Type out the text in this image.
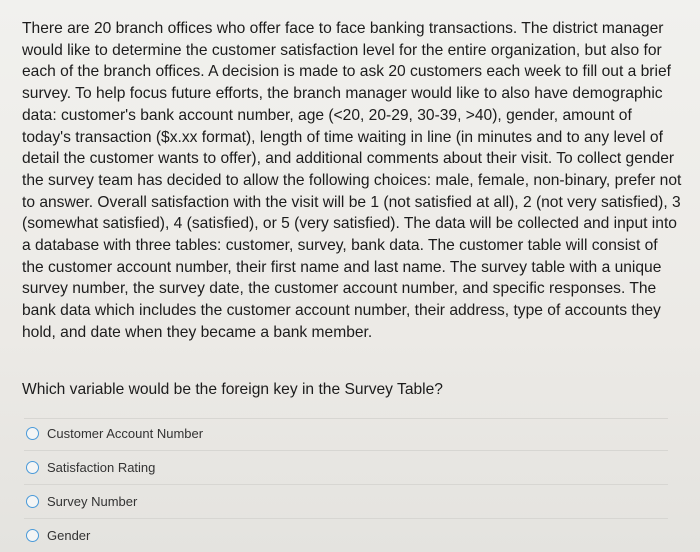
There are 20 branch offices who offer face to face banking transactions. The district manager would like to determine the customer satisfaction level for the entire organization, but also for each of the branch offices. A decision is made to ask 20 customers each week to fill out a brief survey. To help focus future efforts, the branch manager would like to also have demographic data: customer's bank account number, age (<20, 20-29, 30-39, >40), gender, amount of today's transaction ($x.xx format), length of time waiting in line (in minutes and to any level of detail the customer wants to offer), and additional comments about their visit. To collect gender the survey team has decided to allow the following choices: male, female, non-binary, prefer not to answer. Overall satisfaction with the visit will be 1 (not satisfied at all), 2 (not very satisfied), 3 (somewhat satisfied), 4 (satisfied), or 5 (very satisfied). The data will be collected and input into a database with three tables: customer, survey, bank data. The customer table will consist of the customer account number, their first name and last name. The survey table with a unique survey number, the survey date, the customer account number, and specific responses. The bank data which includes the customer account number, their address, type of accounts they hold, and date when they became a bank member.
Which variable would be the foreign key in the Survey Table?
Customer Account Number
Satisfaction Rating
Survey Number
Gender
